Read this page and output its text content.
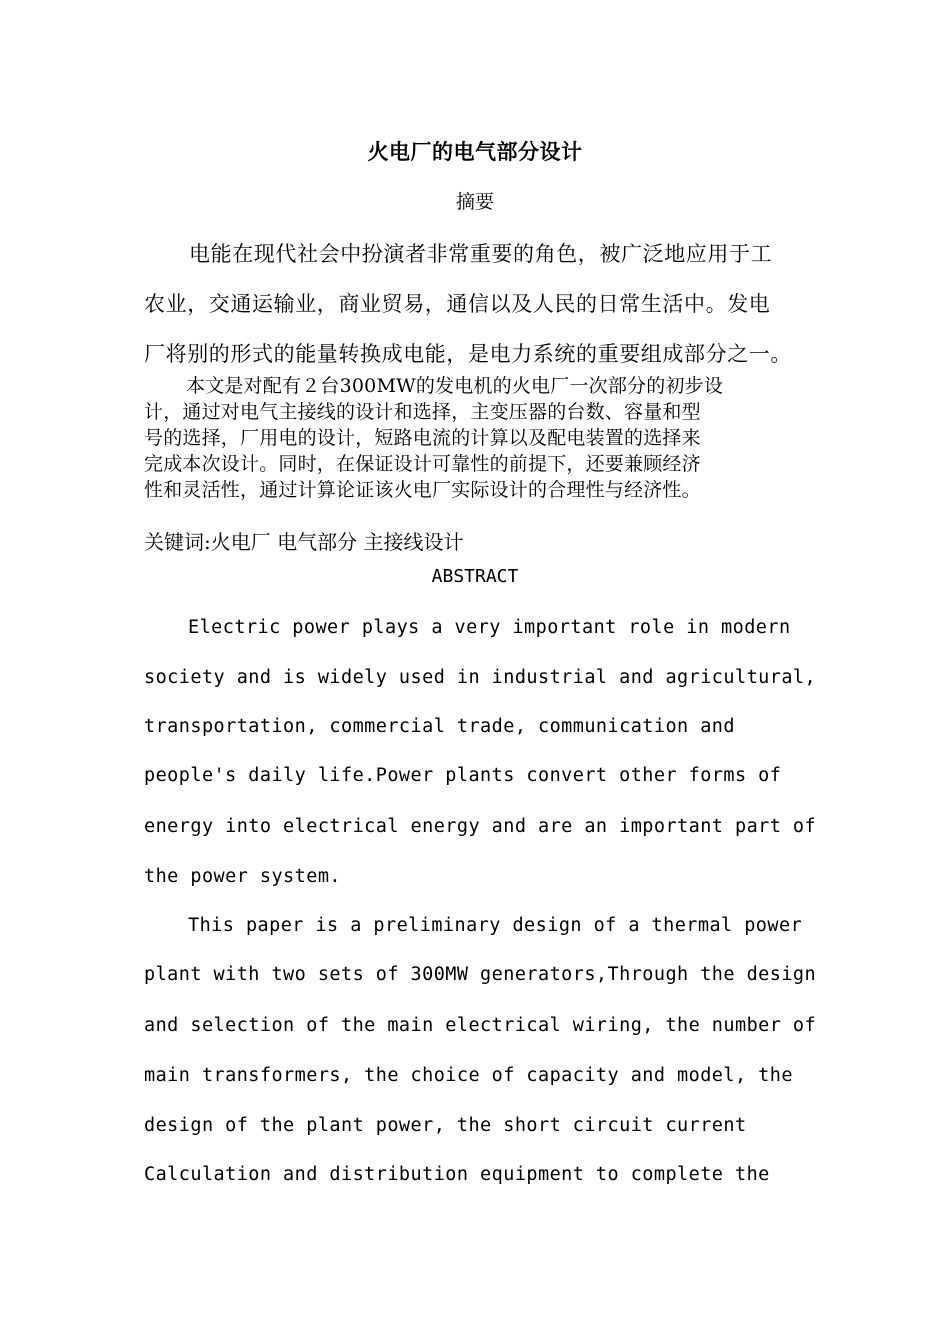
火电厂的电气部分设计
摘要
电能在现代社会中扮演者非常重要的角色，被广泛地应用于工
农业，交通运输业，商业贸易，通信以及人民的日常生活中。发电
厂将别的形式的能量转换成电能，是电力系统的重要组成部分之一。
本文是对配有２台300MW的发电机的火电厂一次部分的初步设
计，通过对电气主接线的设计和选择，主变压器的台数、容量和型
号的选择，厂用电的设计，短路电流的计算以及配电装置的选择来
完成本次设计。同时，在保证设计可靠性的前提下，还要兼顾经济
性和灵活性，通过计算论证该火电厂实际设计的合理性与经济性。
关键词:火电厂 电气部分 主接线设计
ABSTRACT
Electric power plays a very important role in modern
society and is widely used in industrial and agricultural,
transportation, commercial trade, communication and
people's daily life.Power plants convert other forms of
energy into electrical energy and are an important part of
the power system.
This paper is a preliminary design of a thermal power
plant with two sets of 300MW generators,Through the design
and selection of the main electrical wiring, the number of
main transformers, the choice of capacity and model, the
design of the plant power, the short circuit current
Calculation and distribution equipment to complete the
